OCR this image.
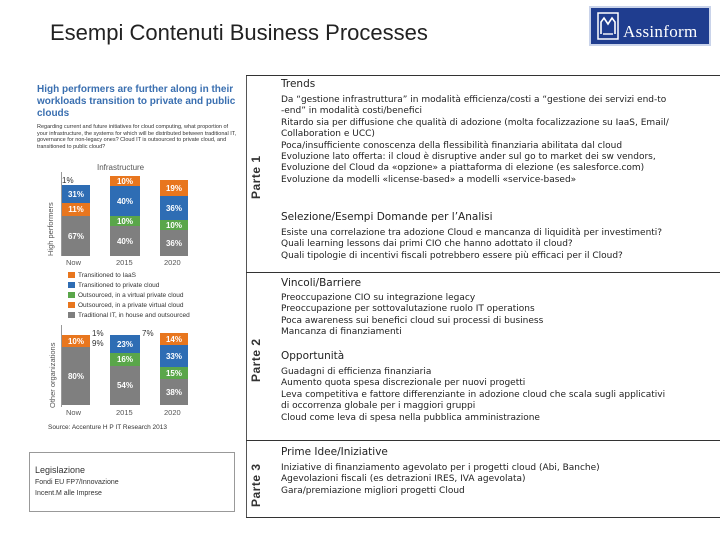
Esempi Contenuti Business Processes	Assinform
High performers are further along in their workloads transition to private and public clouds
Regarding current and future initiatives for cloud computing, what proportion of your infrastructure, the systems for which will be distributed between traditional IT, governance for non-legacy ones? Cloud IT is outsourced to private cloud, and transitioned to public cloud?
High performers
Infrastructure
1%
31%
11%
67%
10%
40%
10%
40%
19%
36%
10%
36%
Now	2015	2020
Transitioned to IaaS
Transitioned to private cloud
Outsourced, in a virtual private cloud
Outsourced, in a private virtual cloud
Traditional IT, in house and outsourced
Other organizations
1%
10%	9%
80%
7%
23%
16%
54%
14%
33%
15%
38%
Now	2015	2020
Source: Accenture H P IT Research 2013
Legislazione
Fondi EU FP7/Innovazione
Incent.M alle Imprese
Parte 1
Parte 2
Parte 3
Trends
Da “gestione infrastruttura” in modalità efficienza/costi a “gestione dei servizi end-to
-end” in modalità costi/benefici
Ritardo sia per diffusione che qualità di adozione (molta focalizzazione su IaaS, Email/
Collaboration e UCC)
Poca/insufficiente conoscenza della flessibilità finanziaria abilitata dal cloud
Evoluzione lato offerta: il cloud è disruptive ander sul go to market dei sw vendors,
Evoluzione del Cloud da «opzione» a piattaforma di elezione (es salesforce.com)
Evoluzione da modelli «license-based» a modelli «service-based»
Selezione/Esempi Domande per l’Analisi
Esiste una correlazione tra adozione Cloud e mancanza di liquidità per investimenti?
Quali learning lessons dai primi CIO che hanno adottato il cloud?
Quali tipologie di incentivi fiscali potrebbero essere più efficaci per il Cloud?
Vincoli/Barriere
Preoccupazione CIO su integrazione legacy
Preoccupazione per sottovalutazione ruolo IT operations
Poca awareness sui benefici cloud sui processi di business
Mancanza di finanziamenti
Opportunità
Guadagni di efficienza finanziaria
Aumento quota spesa discrezionale per nuovi progetti
Leva competitiva e fattore differenziante in adozione cloud che scala sugli applicativi
di occorrenza globale per i maggiori gruppi
Cloud come leva di spesa nella pubblica amministrazione
Prime Idee/Iniziative
Iniziative di finanziamento agevolato per i progetti cloud (Abi, Banche)
Agevolazioni fiscali (es detrazioni IRES, IVA agevolata)
Gara/premiazione migliori progetti Cloud
